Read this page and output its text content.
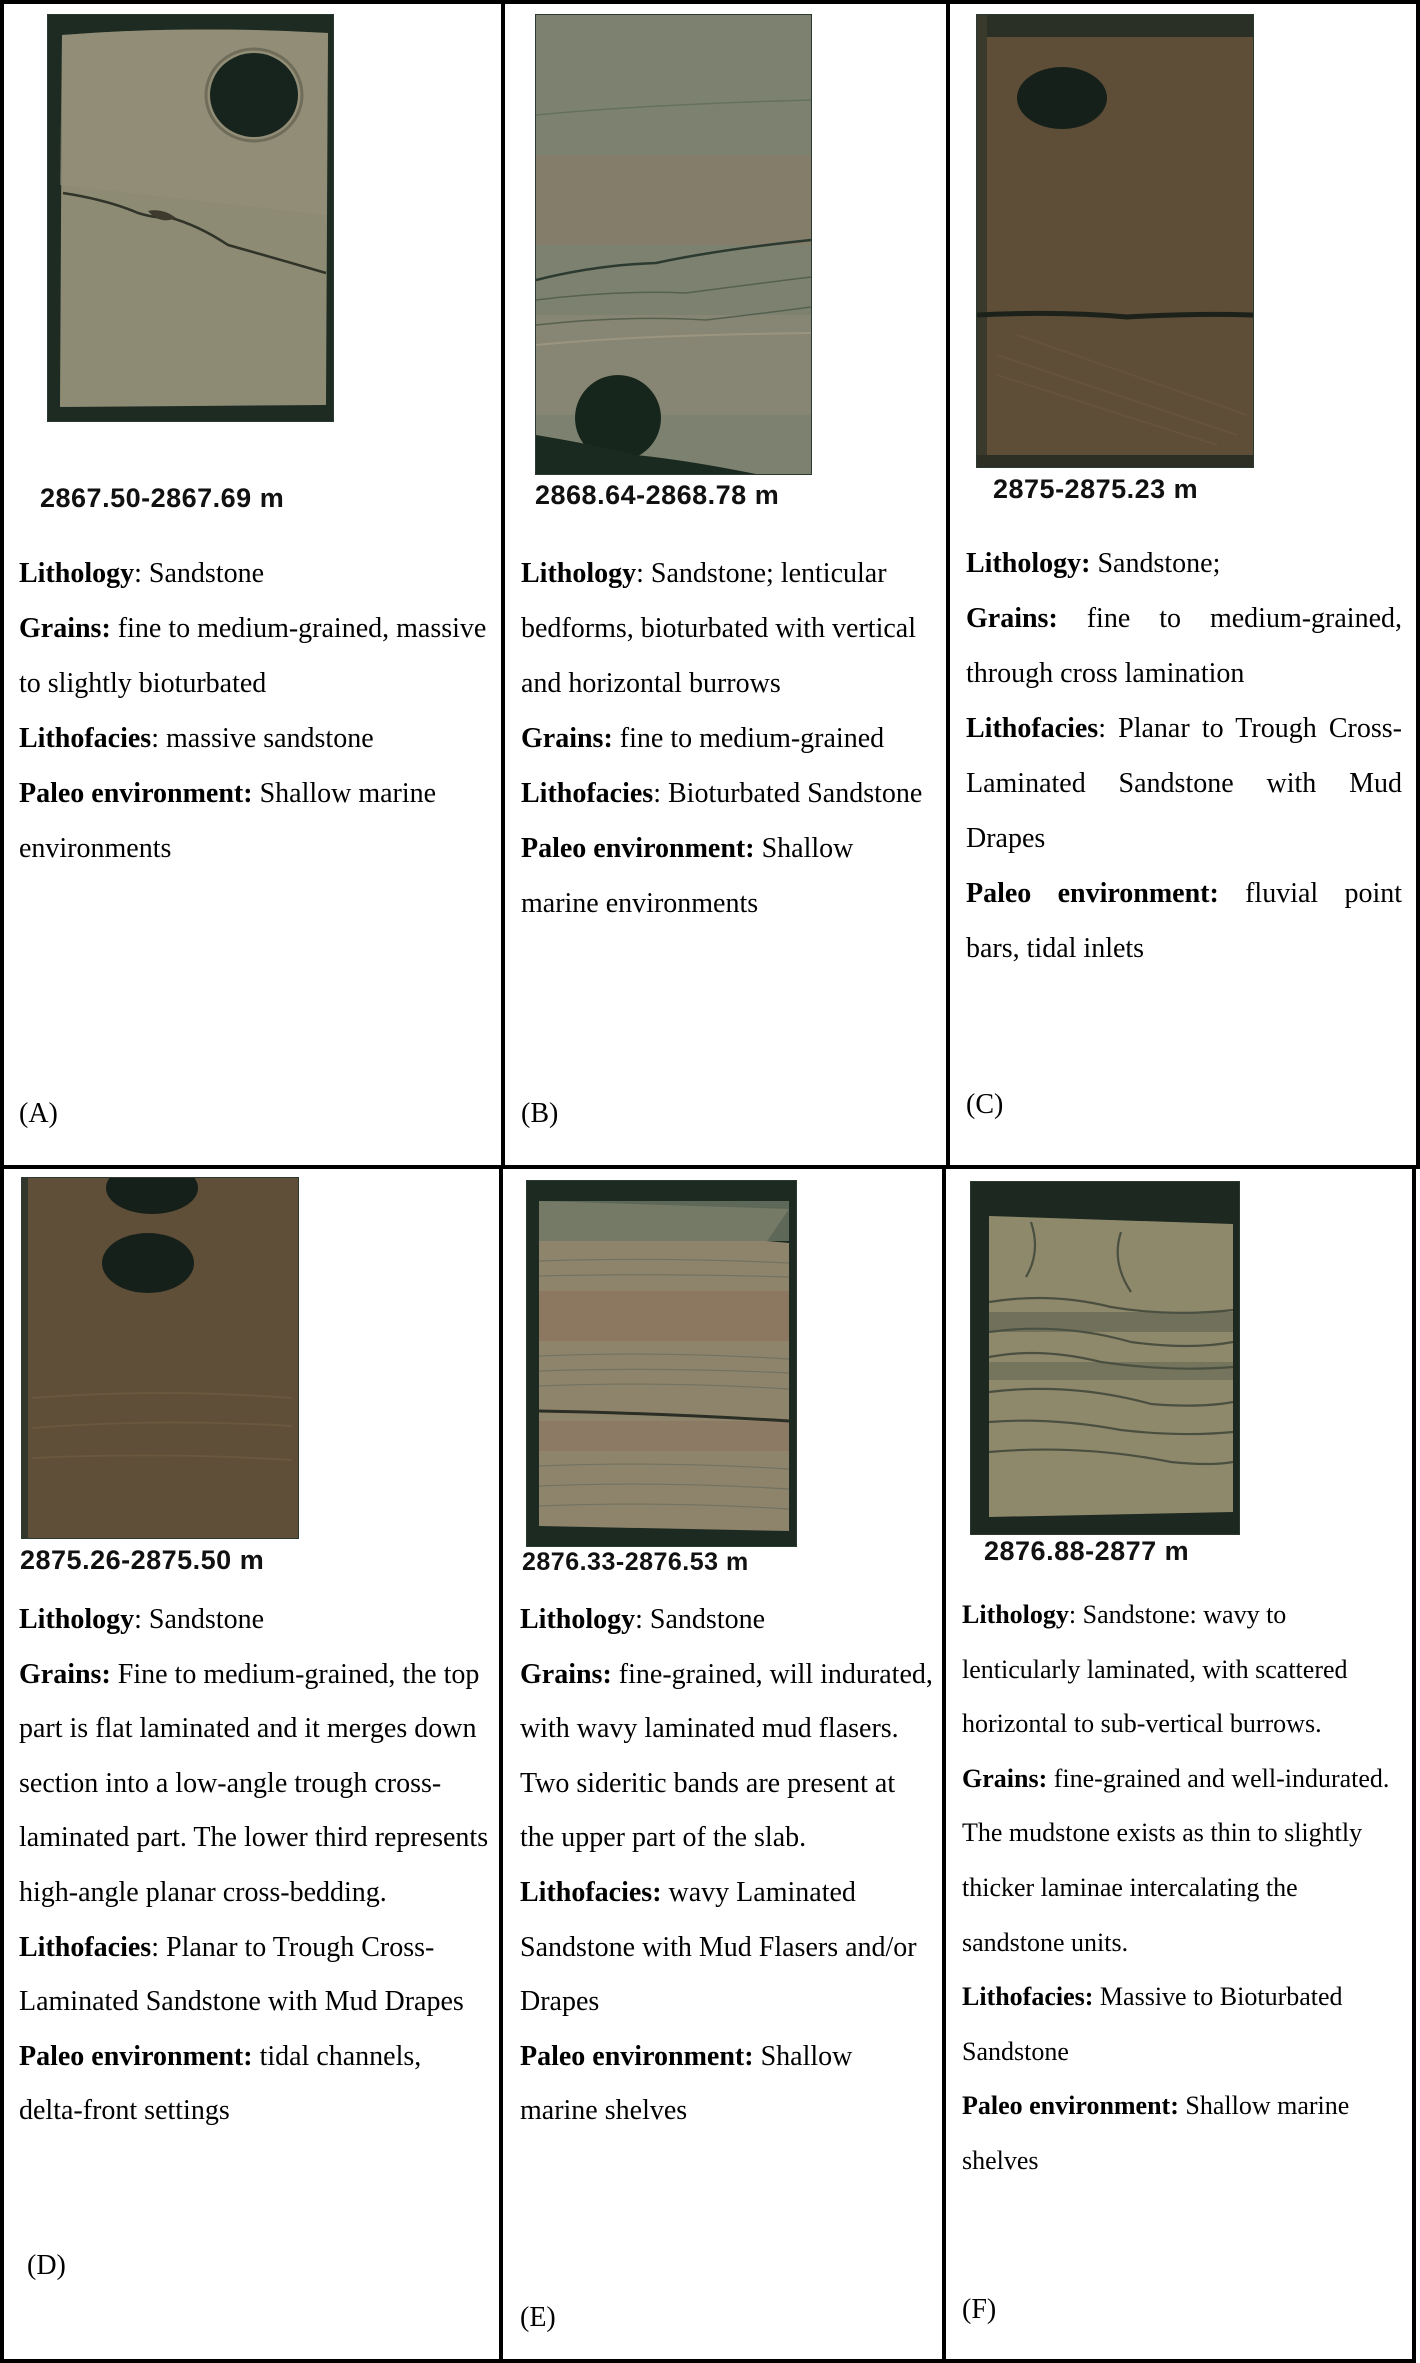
2867.50-2867.69 m

Lithology: Sandstone

Grains: fine to medium-grained, massive to slightly bioturbated

Lithofacies: massive sandstone

Paleo environment: Shallow marine environments

(A)
2868.64-2868.78 m

Lithology: Sandstone; lenticular bedforms, bioturbated with vertical and horizontal burrows

Grains: fine to medium-grained

Lithofacies: Bioturbated Sandstone

Paleo environment: Shallow marine environments

(B)
2875-2875.23 m

Lithology: Sandstone;

Grains: fine to medium-grained, through cross lamination

Lithofacies: Planar to Trough Cross-Laminated Sandstone with Mud Drapes

Paleo environment: fluvial point bars, tidal inlets

(C)
2875.26-2875.50 m

Lithology: Sandstone

Grains: Fine to medium-grained, the top part is flat laminated and it merges down section into a low-angle trough cross-laminated part. The lower third represents high-angle planar cross-bedding.

Lithofacies: Planar to Trough Cross-Laminated Sandstone with Mud Drapes

Paleo environment: tidal channels, delta-front settings

(D)
2876.33-2876.53 m

Lithology: Sandstone

Grains: fine-grained, will indurated, with wavy laminated mud flasers. Two sideritic bands are present at the upper part of the slab.

Lithofacies: wavy Laminated Sandstone with Mud Flasers and/or Drapes

Paleo environment: Shallow marine shelves

(E)
2876.88-2877 m

Lithology: Sandstone: wavy to lenticularly laminated, with scattered horizontal to sub-vertical burrows.

Grains: fine-grained and well-indurated.

The mudstone exists as thin to slightly thicker laminae intercalating the sandstone units.

Lithofacies: Massive to Bioturbated Sandstone

Paleo environment: Shallow marine shelves

(F)
